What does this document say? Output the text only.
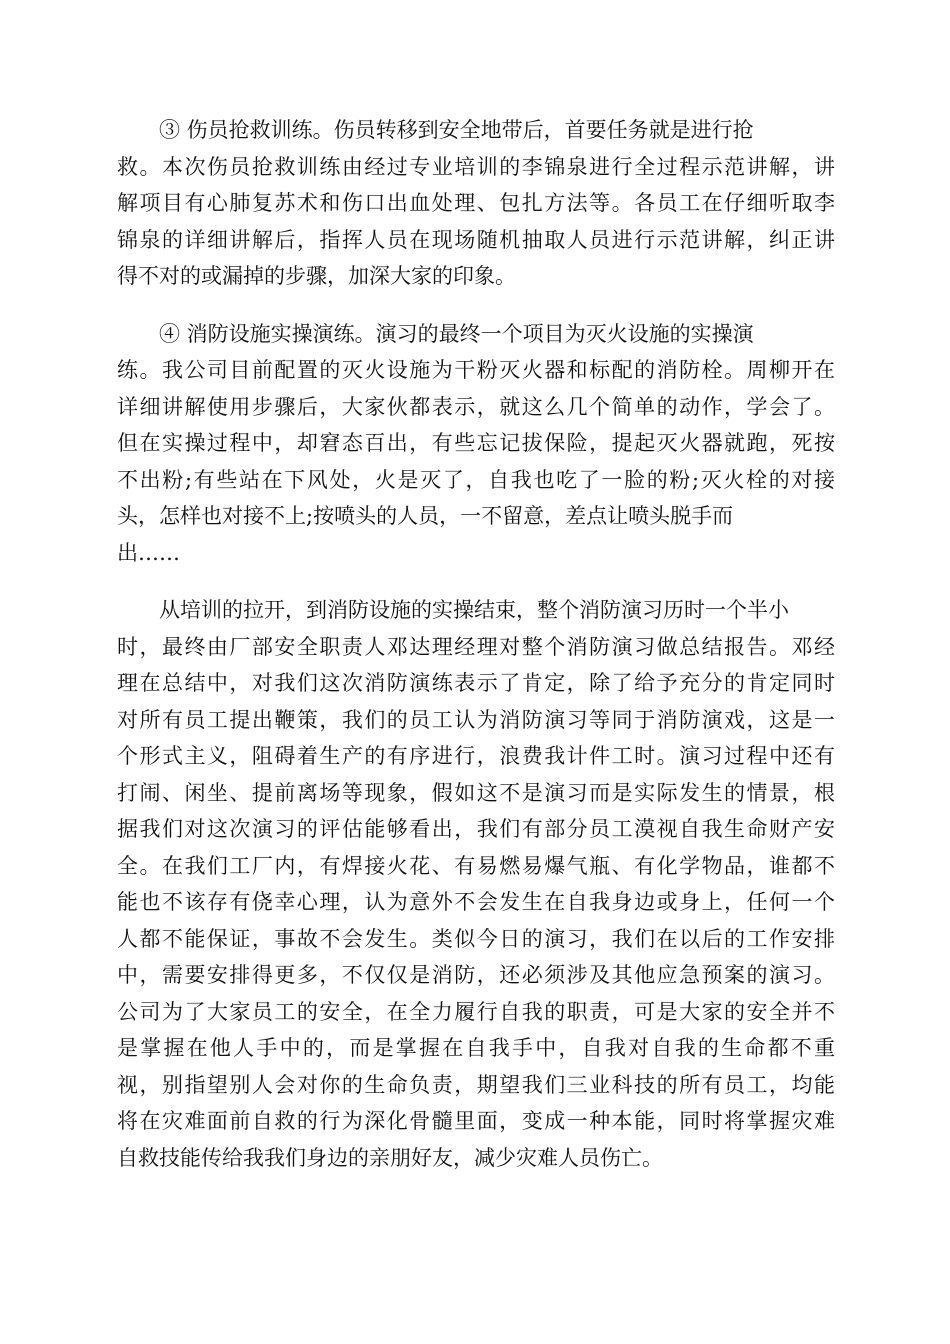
③ 伤员抢救训练。伤员转移到安全地带后，首要任务就是进行抢
救。本次伤员抢救训练由经过专业培训的李锦泉进行全过程示范讲解，讲
解项目有心肺复苏术和伤口出血处理、包扎方法等。各员工在仔细听取李
锦泉的详细讲解后，指挥人员在现场随机抽取人员进行示范讲解，纠正讲
得不对的或漏掉的步骤，加深大家的印象。
④ 消防设施实操演练。演习的最终一个项目为灭火设施的实操演
练。我公司目前配置的灭火设施为干粉灭火器和标配的消防栓。周柳开在
详细讲解使用步骤后，大家伙都表示，就这么几个简单的动作，学会了。
但在实操过程中，却窘态百出，有些忘记拔保险，提起灭火器就跑，死按
不出粉;有些站在下风处，火是灭了，自我也吃了一脸的粉;灭火栓的对接
头，怎样也对接不上;按喷头的人员，一不留意，差点让喷头脱手而
出……
从培训的拉开，到消防设施的实操结束，整个消防演习历时一个半小
时，最终由厂部安全职责人邓达理经理对整个消防演习做总结报告。邓经
理在总结中，对我们这次消防演练表示了肯定，除了给予充分的肯定同时
对所有员工提出鞭策，我们的员工认为消防演习等同于消防演戏，这是一
个形式主义，阻碍着生产的有序进行，浪费我计件工时。演习过程中还有
打闹、闲坐、提前离场等现象，假如这不是演习而是实际发生的情景，根
据我们对这次演习的评估能够看出，我们有部分员工漠视自我生命财产安
全。在我们工厂内，有焊接火花、有易燃易爆气瓶、有化学物品，谁都不
能也不该存有侥幸心理，认为意外不会发生在自我身边或身上，任何一个
人都不能保证，事故不会发生。类似今日的演习，我们在以后的工作安排
中，需要安排得更多，不仅仅是消防，还必须涉及其他应急预案的演习。
公司为了大家员工的安全，在全力履行自我的职责，可是大家的安全并不
是掌握在他人手中的，而是掌握在自我手中，自我对自我的生命都不重
视，别指望别人会对你的生命负责，期望我们三业科技的所有员工，均能
将在灾难面前自救的行为深化骨髓里面，变成一种本能，同时将掌握灾难
自救技能传给我我们身边的亲朋好友，减少灾难人员伤亡。
